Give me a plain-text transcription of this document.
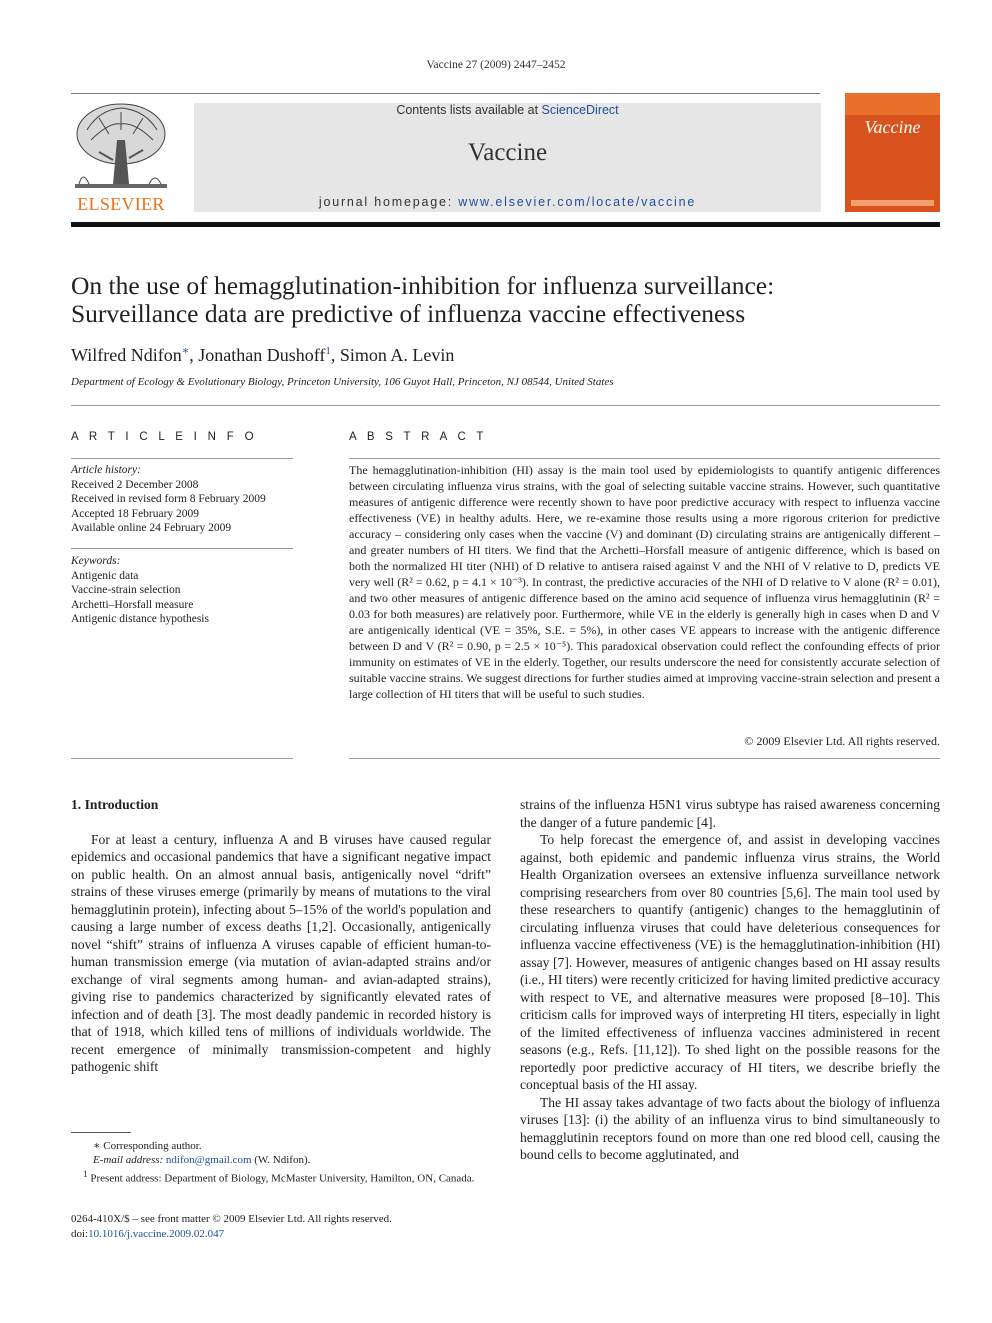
Vaccine 27 (2009) 2447–2452
ELSEVIER
Contents lists available at ScienceDirect
Vaccine
journal homepage: www.elsevier.com/locate/vaccine
Vaccine
On the use of hemagglutination-inhibition for influenza surveillance:
Surveillance data are predictive of influenza vaccine effectiveness
Wilfred Ndifon∗, Jonathan Dushoff$^1$, Simon A. Levin
Department of Ecology & Evolutionary Biology, Princeton University, 106 Guyot Hall, Princeton, NJ 08544, United States
A R T I C L E I N F O	A B S T R A C T
Article history:
Received 2 December 2008
Received in revised form 8 February 2009
Accepted 18 February 2009
Available online 24 February 2009
Keywords:
Antigenic data
Vaccine-strain selection
Archetti–Horsfall measure
Antigenic distance hypothesis
The hemagglutination-inhibition (HI) assay is the main tool used by epidemiologists to quantify antigenic differences between circulating influenza virus strains, with the goal of selecting suitable vaccine strains. However, such quantitative measures of antigenic difference were recently shown to have poor predictive accuracy with respect to influenza vaccine effectiveness (VE) in healthy adults. Here, we re-examine those results using a more rigorous criterion for predictive accuracy – considering only cases when the vaccine (V) and dominant (D) circulating strains are antigenically different – and greater numbers of HI titers. We find that the Archetti–Horsfall measure of antigenic difference, which is based on both the normalized HI titer (NHI) of D relative to antisera raised against V and the NHI of V relative to D, predicts VE very well (R² = 0.62, p = 4.1 × 10⁻³). In contrast, the predictive accuracies of the NHI of D relative to V alone (R² = 0.01), and two other measures of antigenic difference based on the amino acid sequence of influenza virus hemagglutinin (R² = 0.03 for both measures) are relatively poor. Furthermore, while VE in the elderly is generally high in cases when D and V are antigenically identical (VE = 35%, S.E. = 5%), in other cases VE appears to increase with the antigenic difference between D and V (R² = 0.90, p = 2.5 × 10⁻⁵). This paradoxical observation could reflect the confounding effects of prior immunity on estimates of VE in the elderly. Together, our results underscore the need for consistently accurate selection of suitable vaccine strains. We suggest directions for further studies aimed at improving vaccine-strain selection and present a large collection of HI titers that will be useful to such studies.
© 2009 Elsevier Ltd. All rights reserved.
1. Introduction

For at least a century, influenza A and B viruses have caused regular epidemics and occasional pandemics that have a significant negative impact on public health. On an almost annual basis, antigenically novel “drift” strains of these viruses emerge (primarily by means of mutations to the viral hemagglutinin protein), infecting about 5–15% of the world's population and causing a large number of excess deaths [1,2]. Occasionally, antigenically novel “shift” strains of influenza A viruses capable of efficient human-to-human transmission emerge (via mutation of avian-adapted strains and/or exchange of viral segments among human- and avian-adapted strains), giving rise to pandemics characterized by significantly elevated rates of infection and of death [3]. The most deadly pandemic in recorded history is that of 1918, which killed tens of millions of individuals worldwide. The recent emergence of minimally transmission-competent and highly pathogenic shift

strains of the influenza H5N1 virus subtype has raised awareness concerning the danger of a future pandemic [4].

To help forecast the emergence of, and assist in developing vaccines against, both epidemic and pandemic influenza virus strains, the World Health Organization oversees an extensive influenza surveillance network comprising researchers from over 80 countries [5,6]. The main tool used by these researchers to quantify (antigenic) changes to the hemagglutinin of circulating influenza viruses that could have deleterious consequences for influenza vaccine effectiveness (VE) is the hemagglutination-inhibition (HI) assay [7]. However, measures of antigenic changes based on HI assay results (i.e., HI titers) were recently criticized for having limited predictive accuracy with respect to VE, and alternative measures were proposed [8–10]. This criticism calls for improved ways of interpreting HI titers, especially in light of the limited effectiveness of influenza vaccines administered in recent seasons (e.g., Refs. [11,12]). To shed light on the possible reasons for the reportedly poor predictive accuracy of HI titers, we describe briefly the conceptual basis of the HI assay.

The HI assay takes advantage of two facts about the biology of influenza viruses [13]: (i) the ability of an influenza virus to bind simultaneously to hemagglutinin receptors found on more than one red blood cell, causing the bound cells to become agglutinated, and

∗ Corresponding author.

E-mail address: ndifon@gmail.com (W. Ndifon).

$^1$ Present address: Department of Biology, McMaster University, Hamilton, ON, Canada.

0264-410X/$ – see front matter © 2009 Elsevier Ltd. All rights reserved.
doi:10.1016/j.vaccine.2009.02.047
